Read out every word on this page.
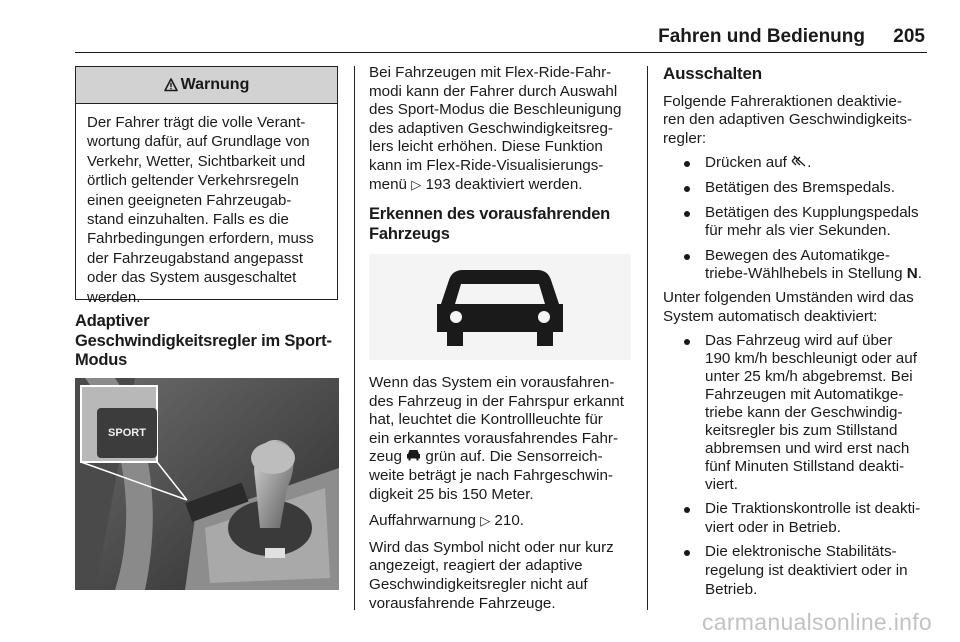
Fahren und Bedienung 205
Warnung
Der Fahrer trägt die volle Verant-
wortung dafür, auf Grundlage von
Verkehr, Wetter, Sichtbarkeit und
örtlich geltender Verkehrsregeln
einen geeigneten Fahrzeugab-
stand einzuhalten. Falls es die
Fahrbedingungen erfordern, muss
der Fahrzeugabstand angepasst
oder das System ausgeschaltet
werden.
Adaptiver
Geschwindigkeitsregler im Sport-
Modus
SPORT

Bei Fahrzeugen mit Flex-Ride-Fahr-
modi kann der Fahrer durch Auswahl
des Sport-Modus die Beschleunigung
des adaptiven Geschwindigkeitsreg-
lers leicht erhöhen. Diese Funktion
kann im Flex-Ride-Visualisierungs-
menü ▷ 193 deaktiviert werden.

Erkennen des vorausfahrenden
Fahrzeugs

Wenn das System ein vorausfahren-
des Fahrzeug in der Fahrspur erkannt
hat, leuchtet die Kontrollleuchte für
ein erkanntes vorausfahrendes Fahr-
zeug grün auf. Die Sensorreich-
weite beträgt je nach Fahrgeschwin-
digkeit 25 bis 150 Meter.

Auffahrwarnung ▷ 210.

Wird das Symbol nicht oder nur kurz
angezeigt, reagiert der adaptive
Geschwindigkeitsregler nicht auf
vorausfahrende Fahrzeuge.

Ausschalten

Folgende Fahreraktionen deaktivie-
ren den adaptiven Geschwindigkeits-
regler:

Drücken auf .
Betätigen des Bremspedals.
Betätigen des Kupplungspedals
für mehr als vier Sekunden.
Bewegen des Automatikge-
triebe-Wählhebels in Stellung N.

Unter folgenden Umständen wird das
System automatisch deaktiviert:

Das Fahrzeug wird auf über
190 km/h beschleunigt oder auf
unter 25 km/h abgebremst. Bei
Fahrzeugen mit Automatikge-
triebe kann der Geschwindig-
keitsregler bis zum Stillstand
abbremsen und wird erst nach
fünf Minuten Stillstand deakti-
viert.
Die Traktionskontrolle ist deakti-
viert oder in Betrieb.
Die elektronische Stabilitäts-
regelung ist deaktiviert oder in
Betrieb.
carmanualsonline.info
